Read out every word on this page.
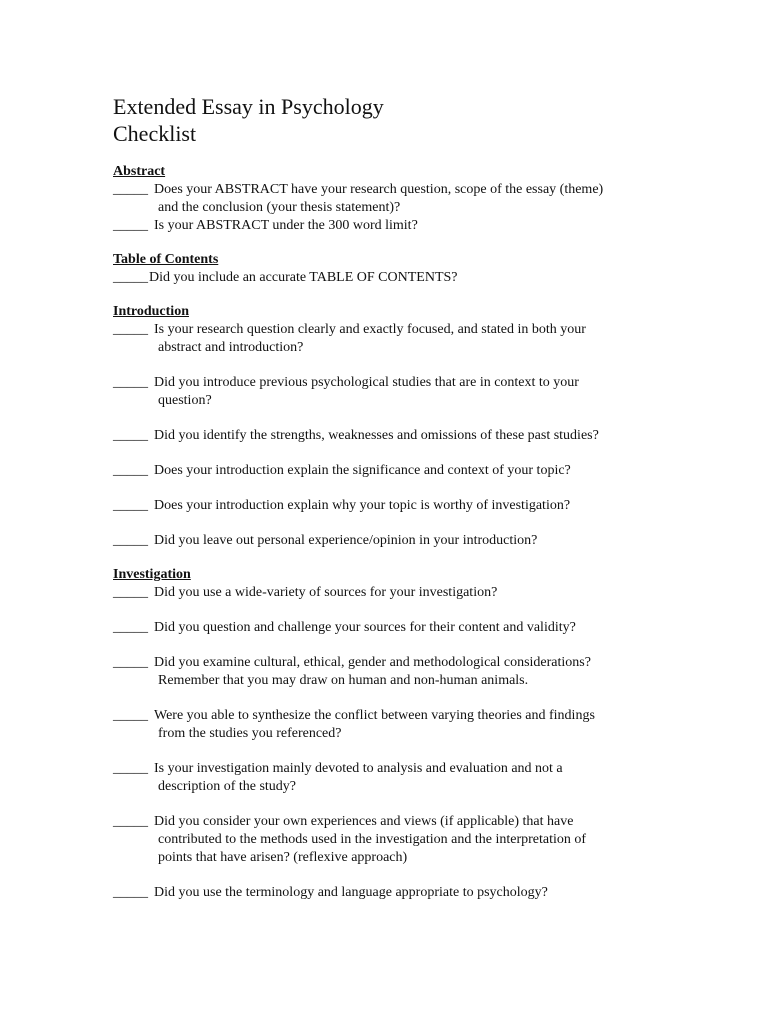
Extended Essay in Psychology
Checklist
Abstract
_____ Does your ABSTRACT have your research question, scope of the essay (theme)
and the conclusion (your thesis statement)?
_____ Is your ABSTRACT under the 300 word limit?
Table of Contents
_____ Did you include an accurate TABLE OF CONTENTS?
Introduction
_____ Is your research question clearly and exactly focused, and stated in both your
abstract and introduction?
_____ Did you introduce previous psychological studies that are in context to your
question?
_____ Did you identify the strengths, weaknesses and omissions of these past studies?
_____ Does your introduction explain the significance and context of your topic?
_____ Does your introduction explain why your topic is worthy of investigation?
_____ Did you leave out personal experience/opinion in your introduction?
Investigation
_____ Did you use a wide-variety of sources for your investigation?
_____ Did you question and challenge your sources for their content and validity?
_____ Did you examine cultural, ethical, gender and methodological considerations?
Remember that you may draw on human and non-human animals.
_____ Were you able to synthesize the conflict between varying theories and findings
from the studies you referenced?
_____ Is your investigation mainly devoted to analysis and evaluation and not a
description of the study?
_____ Did you consider your own experiences and views (if applicable) that have
contributed to the methods used in the investigation and the interpretation of
points that have arisen? (reflexive approach)
_____ Did you use the terminology and language appropriate to psychology?
